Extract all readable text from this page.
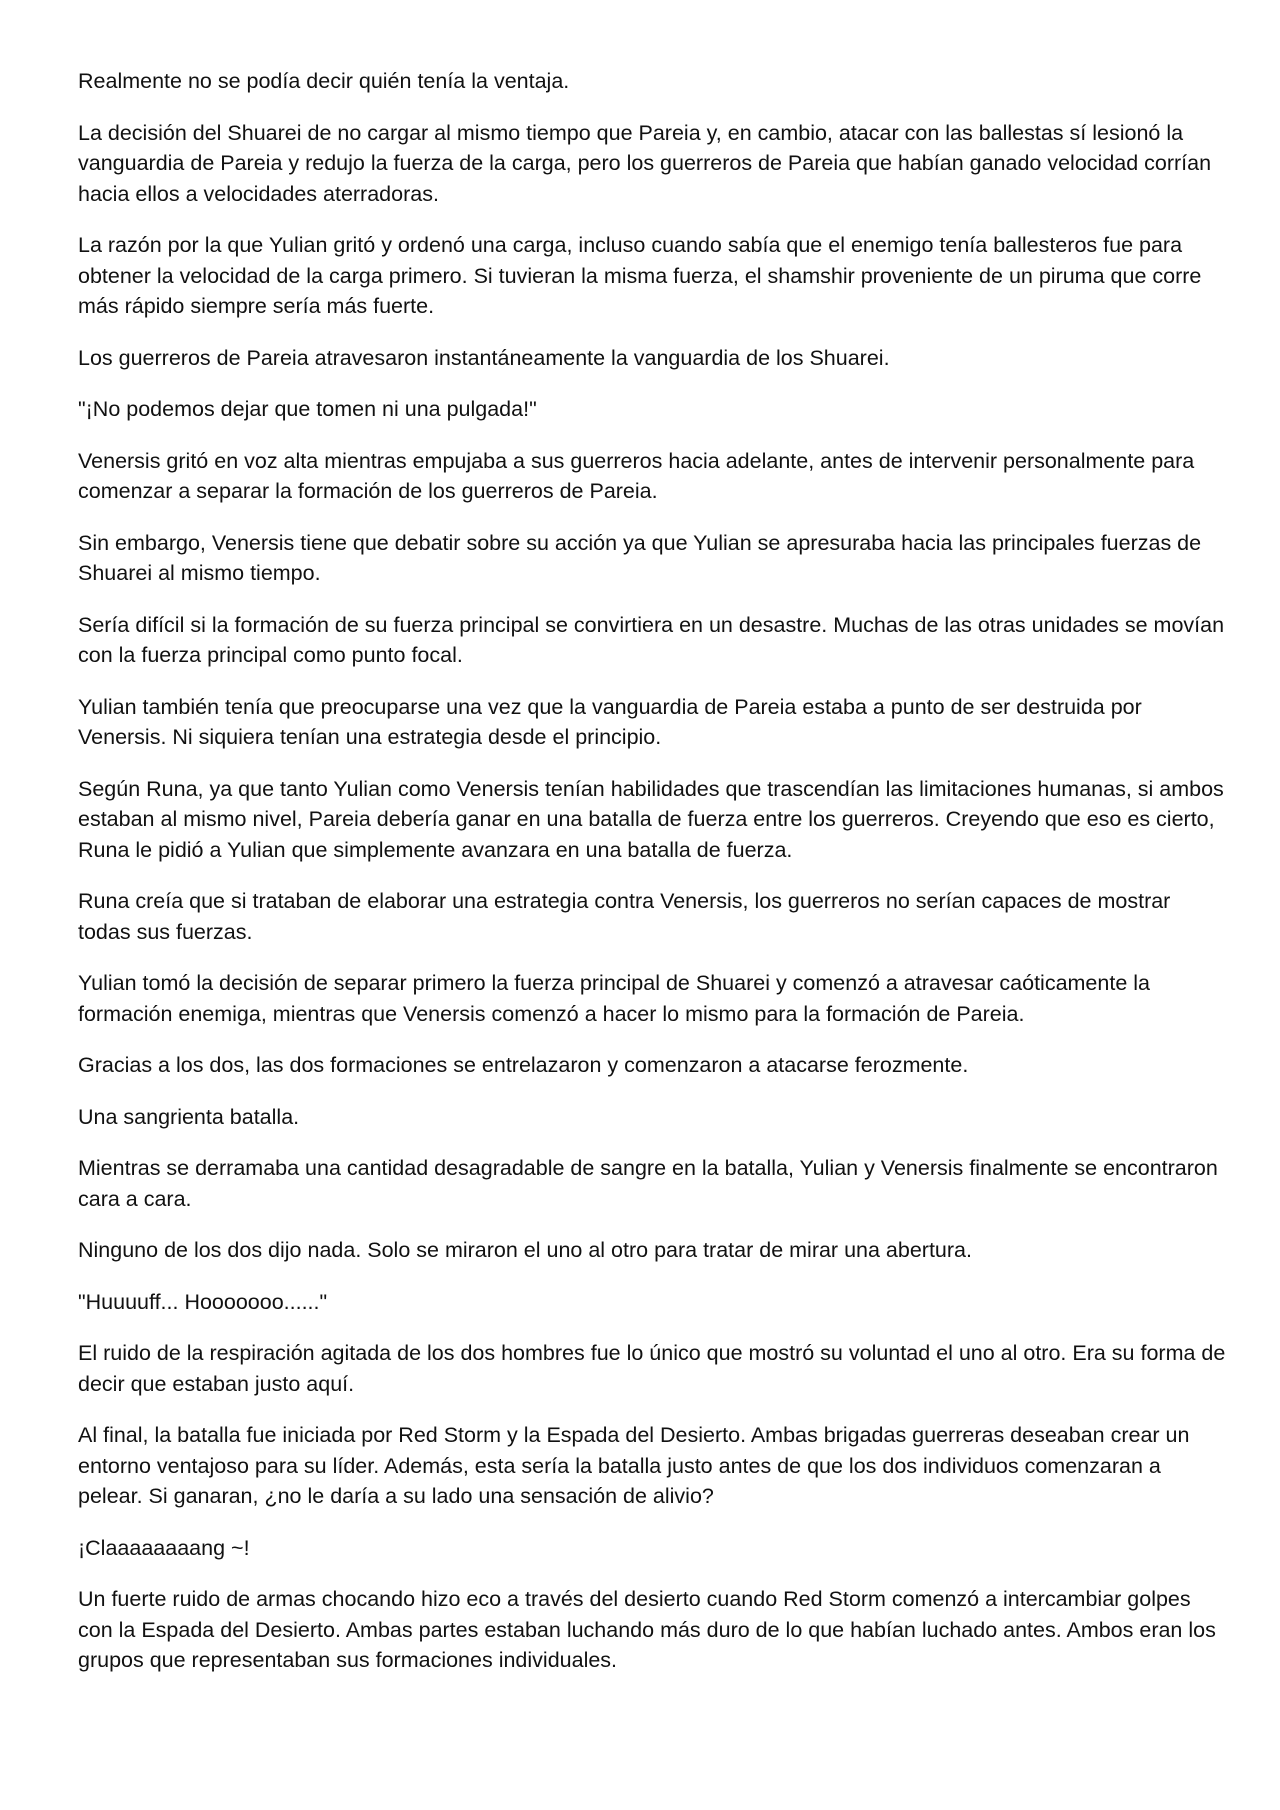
Realmente no se podía decir quién tenía la ventaja.

La decisión del Shuarei de no cargar al mismo tiempo que Pareia y, en cambio, atacar con las ballestas sí lesionó la vanguardia de Pareia y redujo la fuerza de la carga, pero los guerreros de Pareia que habían ganado velocidad corrían hacia ellos a velocidades aterradoras.

La razón por la que Yulian gritó y ordenó una carga, incluso cuando sabía que el enemigo tenía ballesteros fue para obtener la velocidad de la carga primero. Si tuvieran la misma fuerza, el shamshir proveniente de un piruma que corre más rápido siempre sería más fuerte.

Los guerreros de Pareia atravesaron instantáneamente la vanguardia de los Shuarei.

"¡No podemos dejar que tomen ni una pulgada!"

Venersis gritó en voz alta mientras empujaba a sus guerreros hacia adelante, antes de intervenir personalmente para comenzar a separar la formación de los guerreros de Pareia.

Sin embargo, Venersis tiene que debatir sobre su acción ya que Yulian se apresuraba hacia las principales fuerzas de Shuarei al mismo tiempo.

Sería difícil si la formación de su fuerza principal se convirtiera en un desastre. Muchas de las otras unidades se movían con la fuerza principal como punto focal.

Yulian también tenía que preocuparse una vez que la vanguardia de Pareia estaba a punto de ser destruida por Venersis. Ni siquiera tenían una estrategia desde el principio.

Según Runa, ya que tanto Yulian como Venersis tenían habilidades que trascendían las limitaciones humanas, si ambos estaban al mismo nivel, Pareia debería ganar en una batalla de fuerza entre los guerreros. Creyendo que eso es cierto, Runa le pidió a Yulian que simplemente avanzara en una batalla de fuerza.

Runa creía que si trataban de elaborar una estrategia contra Venersis, los guerreros no serían capaces de mostrar todas sus fuerzas.

Yulian tomó la decisión de separar primero la fuerza principal de Shuarei y comenzó a atravesar caóticamente la formación enemiga, mientras que Venersis comenzó a hacer lo mismo para la formación de Pareia.

Gracias a los dos, las dos formaciones se entrelazaron y comenzaron a atacarse ferozmente.

Una sangrienta batalla.

Mientras se derramaba una cantidad desagradable de sangre en la batalla, Yulian y Venersis finalmente se encontraron cara a cara.

Ninguno de los dos dijo nada. Solo se miraron el uno al otro para tratar de mirar una abertura.

"Huuuuff... Hooooooo......"

El ruido de la respiración agitada de los dos hombres fue lo único que mostró su voluntad el uno al otro. Era su forma de decir que estaban justo aquí.

Al final, la batalla fue iniciada por Red Storm y la Espada del Desierto. Ambas brigadas guerreras deseaban crear un entorno ventajoso para su líder. Además, esta sería la batalla justo antes de que los dos individuos comenzaran a pelear. Si ganaran, ¿no le daría a su lado una sensación de alivio?

¡Claaaaaaaang ~!

Un fuerte ruido de armas chocando hizo eco a través del desierto cuando Red Storm comenzó a intercambiar golpes con la Espada del Desierto. Ambas partes estaban luchando más duro de lo que habían luchado antes. Ambos eran los grupos que representaban sus formaciones individuales.
